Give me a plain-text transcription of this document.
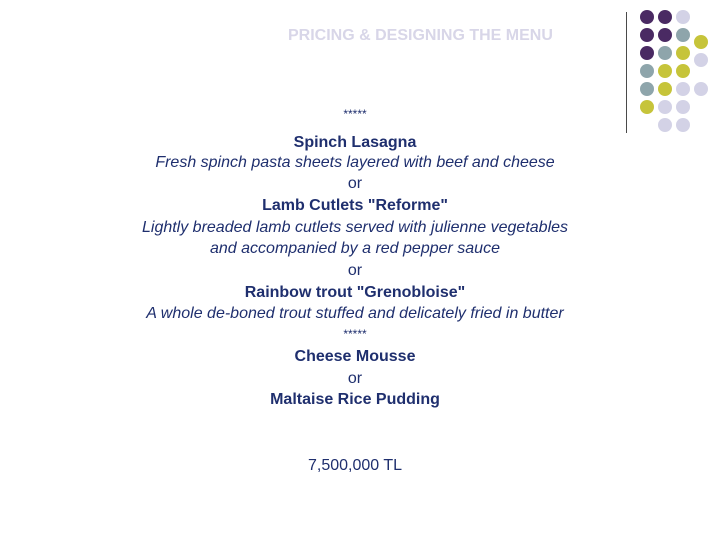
PRICING & DESIGNING THE MENU
*****
Spinch Lasagna
Fresh spinch pasta sheets layered with beef and cheese
or
Lamb Cutlets "Reforme"
Lightly breaded lamb cutlets served with julienne vegetables
and accompanied by a red pepper sauce
or
Rainbow trout "Grenobloise"
A whole de-boned trout stuffed and delicately fried in butter
*****
Cheese Mousse
or
Maltaise Rice Pudding
7,500,000 TL
